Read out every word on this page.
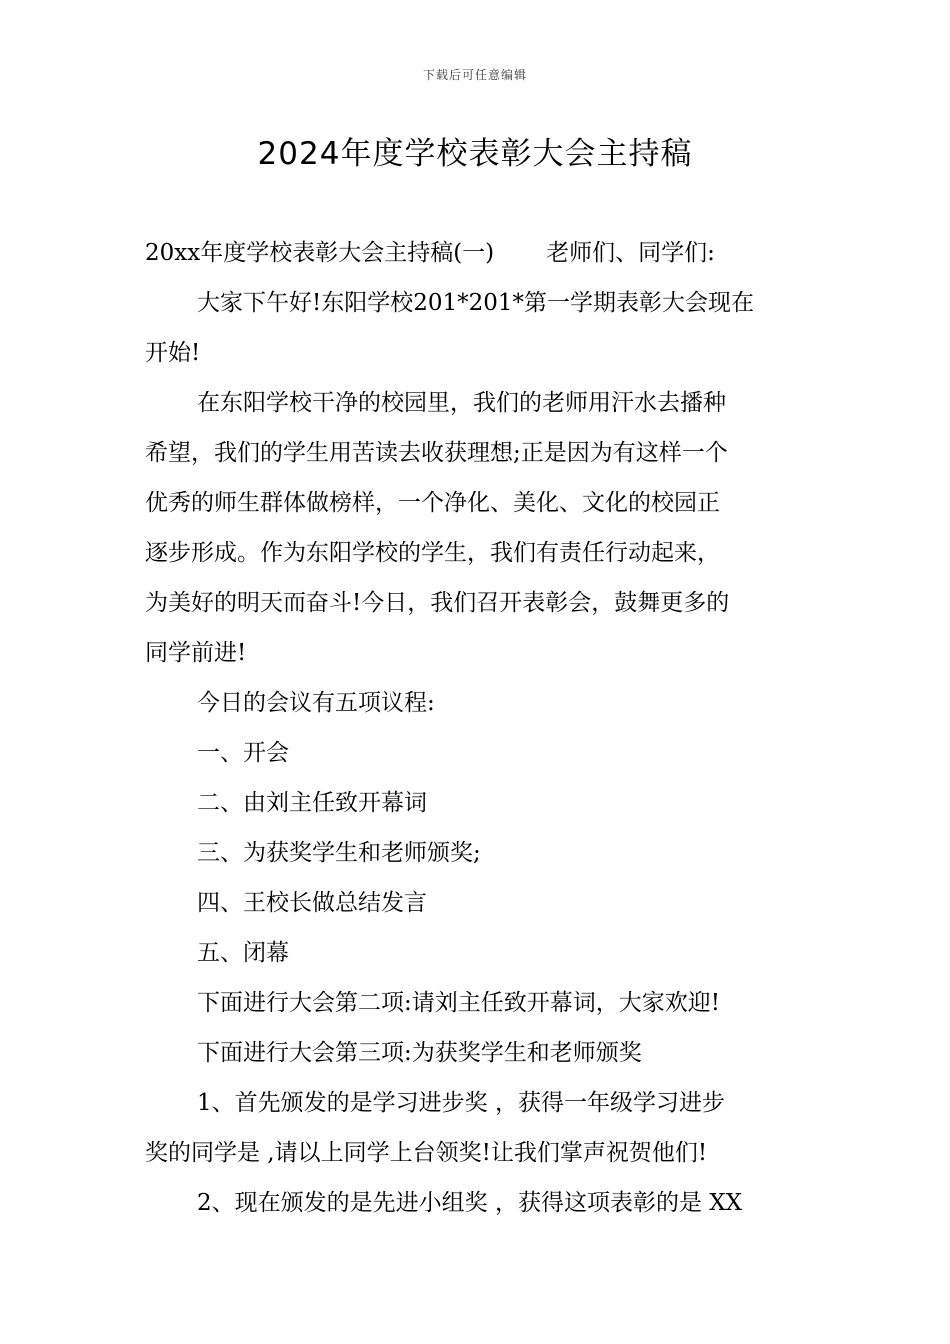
下载后可任意编辑
2024年度学校表彰大会主持稿
20xx年度学校表彰大会主持稿(一) 老师们、同学们:
大家下午好!东阳学校201*201*第一学期表彰大会现在
开始!
在东阳学校干净的校园里，我们的老师用汗水去播种
希望，我们的学生用苦读去收获理想;正是因为有这样一个
优秀的师生群体做榜样，一个净化、美化、文化的校园正
逐步形成。作为东阳学校的学生，我们有责任行动起来，
为美好的明天而奋斗!今日，我们召开表彰会，鼓舞更多的
同学前进!
今日的会议有五项议程:
一、开会
二、由刘主任致开幕词
三、为获奖学生和老师颁奖;
四、王校长做总结发言
五、闭幕
下面进行大会第二项:请刘主任致开幕词，大家欢迎!
下面进行大会第三项:为获奖学生和老师颁奖
1、首先颁发的是学习进步奖 ，获得一年级学习进步
奖的同学是 ,请以上同学上台领奖!让我们掌声祝贺他们!
2、现在颁发的是先进小组奖 ，获得这项表彰的是 XX
